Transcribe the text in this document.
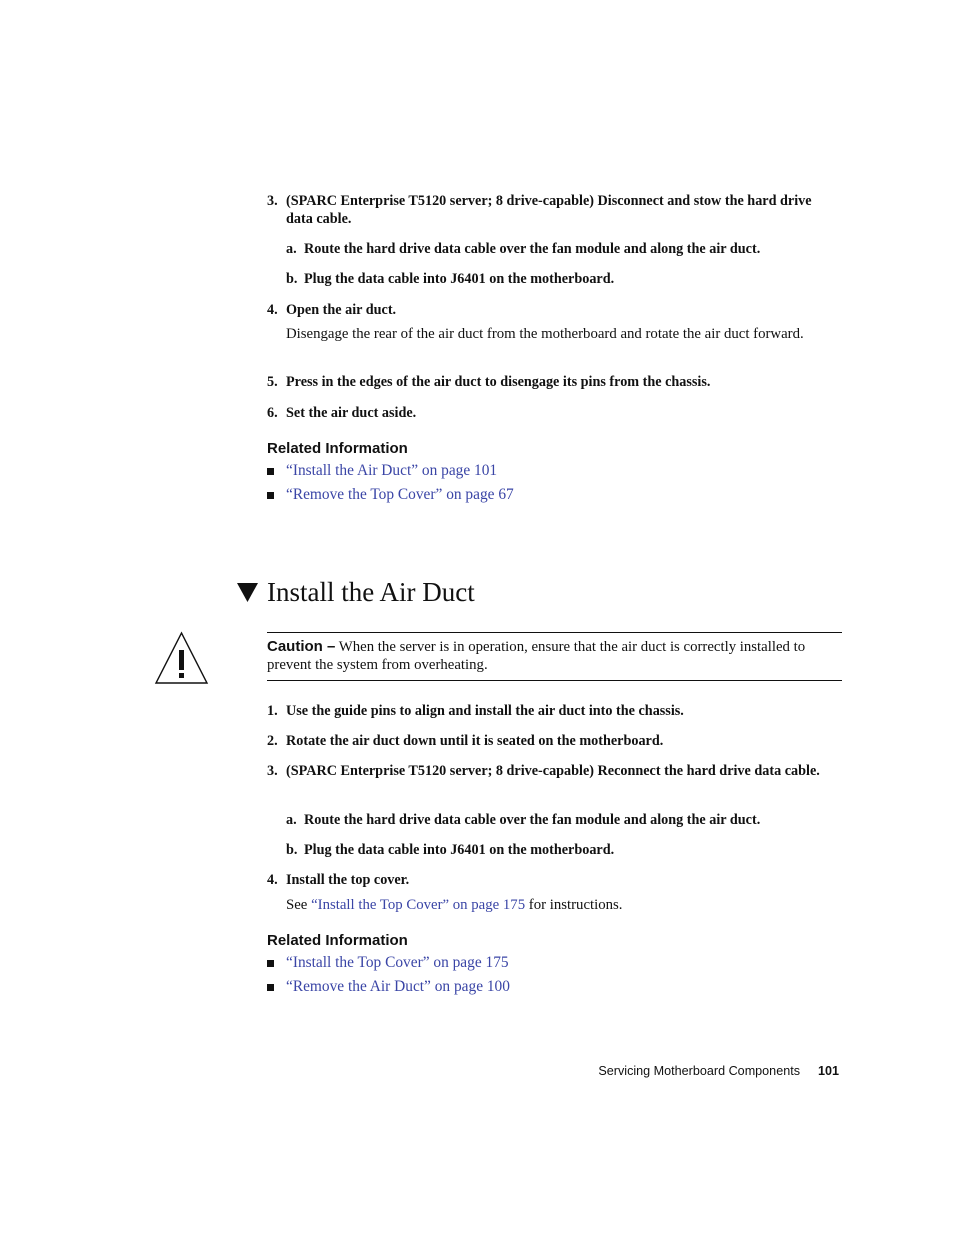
3. (SPARC Enterprise T5120 server; 8 drive-capable) Disconnect and stow the hard drive data cable.
a. Route the hard drive data cable over the fan module and along the air duct.
b. Plug the data cable into J6401 on the motherboard.
4. Open the air duct.
Disengage the rear of the air duct from the motherboard and rotate the air duct forward.
5. Press in the edges of the air duct to disengage its pins from the chassis.
6. Set the air duct aside.
Related Information
“Install the Air Duct” on page 101
“Remove the Top Cover” on page 67
Install the Air Duct
Caution – When the server is in operation, ensure that the air duct is correctly installed to prevent the system from overheating.
1. Use the guide pins to align and install the air duct into the chassis.
2. Rotate the air duct down until it is seated on the motherboard.
3. (SPARC Enterprise T5120 server; 8 drive-capable) Reconnect the hard drive data cable.
a. Route the hard drive data cable over the fan module and along the air duct.
b. Plug the data cable into J6401 on the motherboard.
4. Install the top cover.
See “Install the Top Cover” on page 175 for instructions.
Related Information
“Install the Top Cover” on page 175
“Remove the Air Duct” on page 100
Servicing Motherboard Components 101
